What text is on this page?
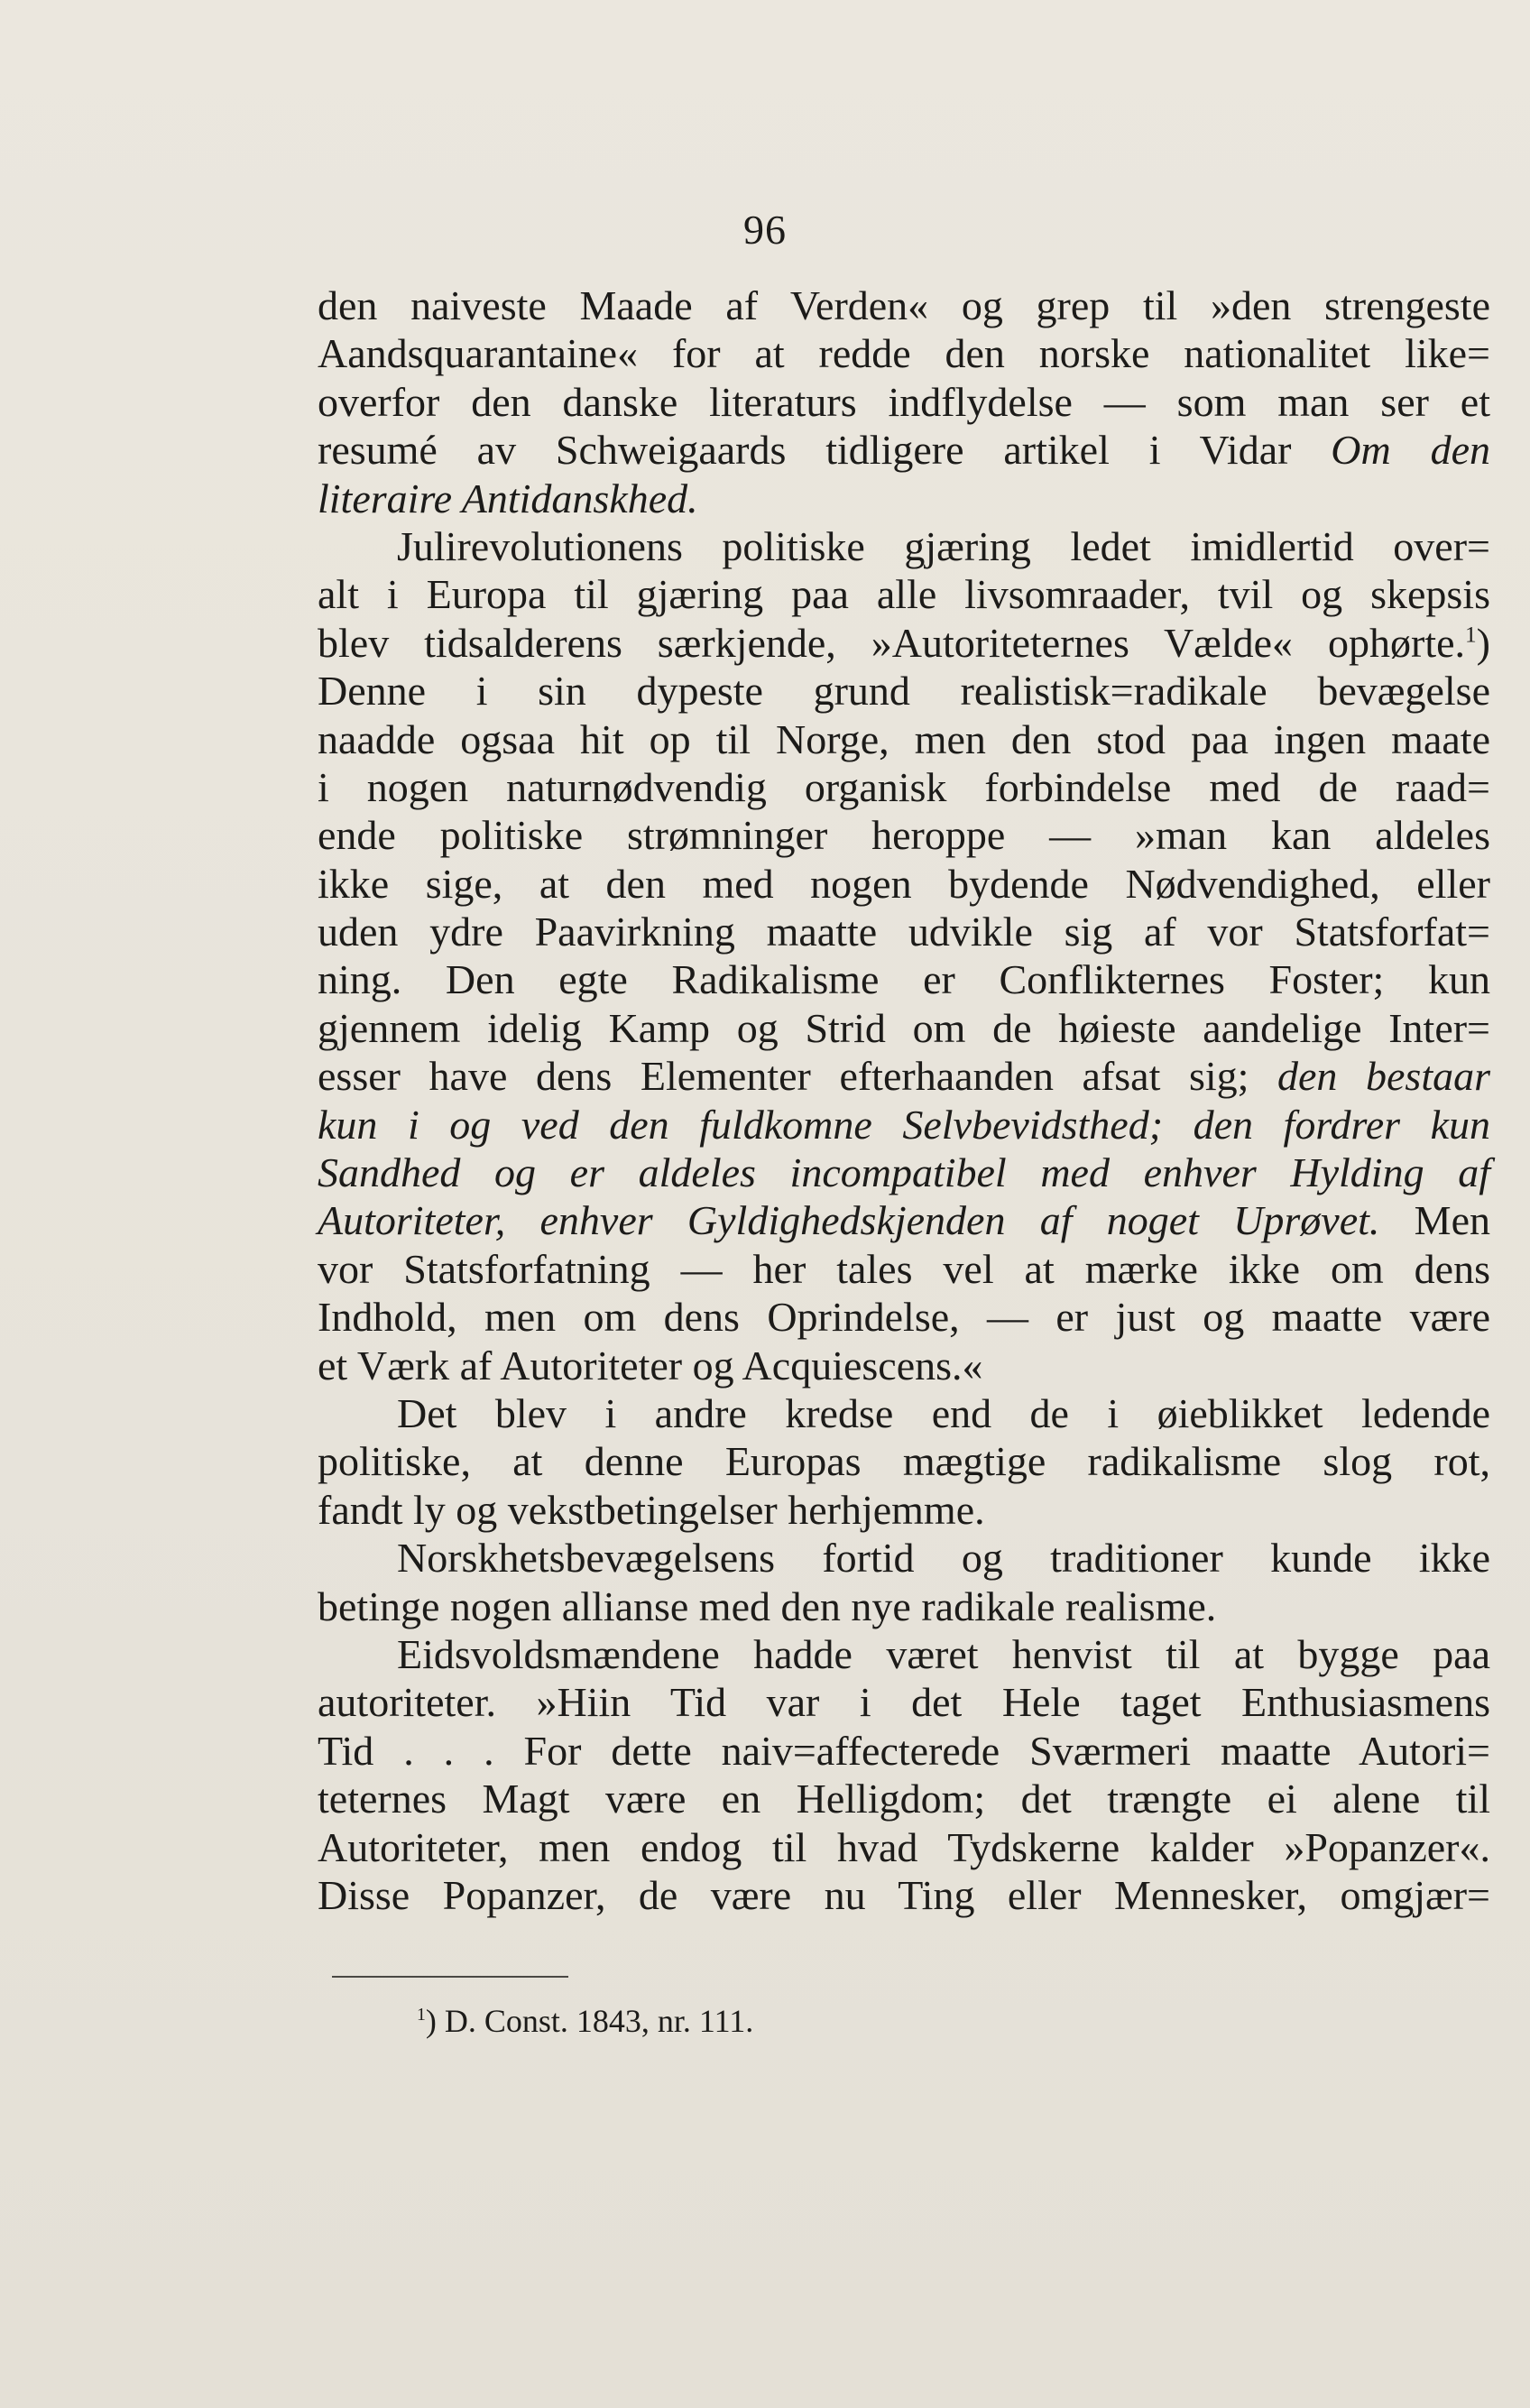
96
den naiveste Maade af Verden« og grep til »den strengeste
Aandsquarantaine« for at redde den norske nationalitet like=
overfor den danske literaturs indflydelse — som man ser et
resumé av Schweigaards tidligere artikel i Vidar Om den
literaire Antidanskhed.
Julirevolutionens politiske gjæring ledet imidlertid over=
alt i Europa til gjæring paa alle livsomraader, tvil og skepsis
blev tidsalderens særkjende, »Autoriteternes Vælde« ophørte.$^1$)
Denne i sin dypeste grund realistisk=radikale bevægelse
naadde ogsaa hit op til Norge, men den stod paa ingen maate
i nogen naturnødvendig organisk forbindelse med de raad=
ende politiske strømninger heroppe — »man kan aldeles
ikke sige, at den med nogen bydende Nødvendighed, eller
uden ydre Paavirkning maatte udvikle sig af vor Statsforfat=
ning. Den egte Radikalisme er Conflikternes Foster; kun
gjennem idelig Kamp og Strid om de høieste aandelige Inter=
esser have dens Elementer efterhaanden afsat sig; den bestaar
kun i og ved den fuldkomne Selvbevidsthed; den fordrer kun
Sandhed og er aldeles incompatibel med enhver Hylding af
Autoriteter, enhver Gyldighedskjenden af noget Uprøvet. Men
vor Statsforfatning — her tales vel at mærke ikke om dens
Indhold, men om dens Oprindelse, — er just og maatte være
et Værk af Autoriteter og Acquiescens.«
Det blev i andre kredse end de i øieblikket ledende
politiske, at denne Europas mægtige radikalisme slog rot,
fandt ly og vekstbetingelser herhjemme.
Norskhetsbevægelsens fortid og traditioner kunde ikke
betinge nogen allianse med den nye radikale realisme.
Eidsvoldsmændene hadde været henvist til at bygge paa
autoriteter. »Hiin Tid var i det Hele taget Enthusiasmens
Tid . . . For dette naiv=affecterede Sværmeri maatte Autori=
teternes Magt være en Helligdom; det trængte ei alene til
Autoriteter, men endog til hvad Tydskerne kalder »Popanzer«.
Disse Popanzer, de være nu Ting eller Mennesker, omgjær=
$^1$) D. Const. 1843, nr. 111.
